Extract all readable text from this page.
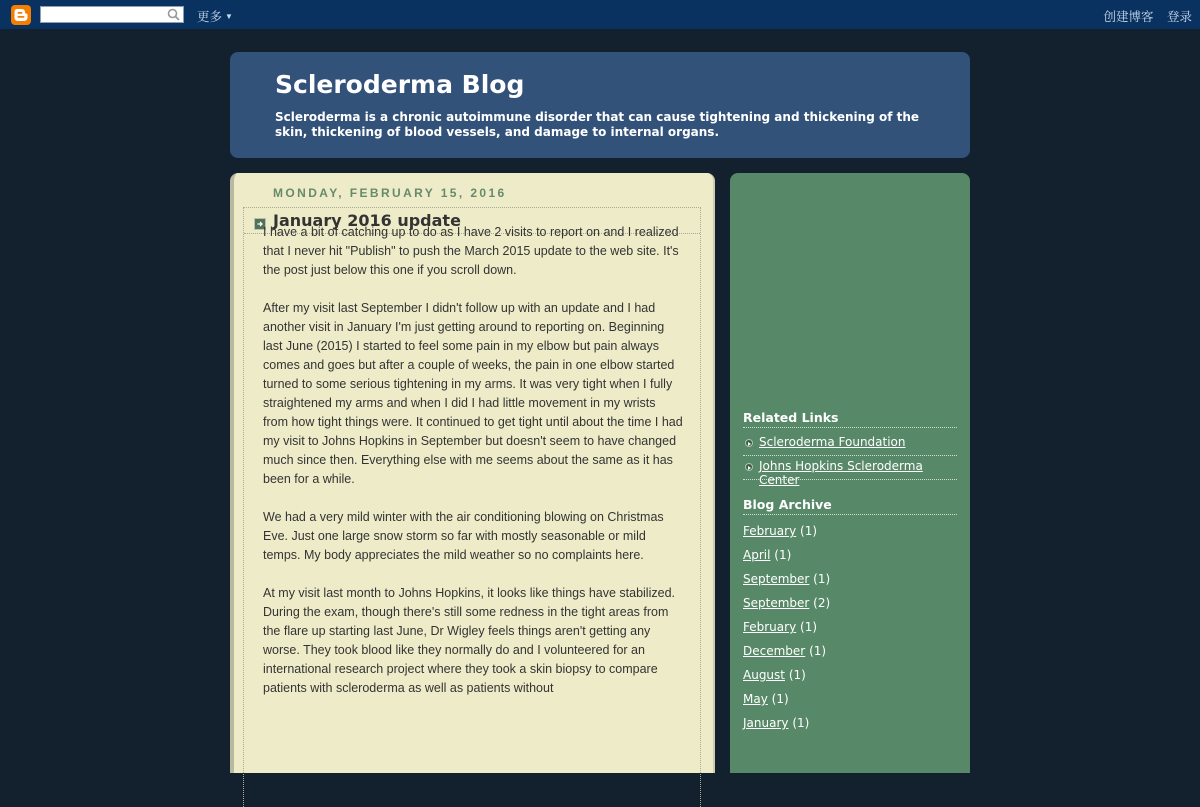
更多 ▼	创建博客 登录
Scleroderma Blog

Scleroderma is a chronic autoimmune disorder that can cause tightening and thickening of the skin, thickening of blood vessels, and damage to internal organs.

MONDAY, FEBRUARY 15, 2016
January 2016 update

I have a bit of catching up to do as I have 2 visits to report on and I realized that I never hit "Publish" to push the March 2015 update to the web site. It's the post just below this one if you scroll down.

After my visit last September I didn't follow up with an update and I had another visit in January I'm just getting around to reporting on. Beginning last June (2015) I started to feel some pain in my elbow but pain always comes and goes but after a couple of weeks, the pain in one elbow started turned to some serious tightening in my arms. It was very tight when I fully straightened my arms and when I did I had little movement in my wrists from how tight things were. It continued to get tight until about the time I had my visit to Johns Hopkins in September but doesn't seem to have changed much since then. Everything else with me seems about the same as it has been for a while.

We had a very mild winter with the air conditioning blowing on Christmas Eve. Just one large snow storm so far with mostly seasonable or mild temps. My body appreciates the mild weather so no complaints here.

At my visit last month to Johns Hopkins, it looks like things have stabilized. During the exam, though there's still some redness in the tight areas from the flare up starting last June, Dr Wigley feels things aren't getting any worse. They took blood like they normally do and I volunteered for an international research project where they took a skin biopsy to compare patients with scleroderma as well as patients without

Related Links
Scleroderma Foundation
Johns Hopkins Scleroderma Center
Blog Archive
February (1)
April (1)
September (1)
September (2)
February (1)
December (1)
August (1)
May (1)
January (1)
